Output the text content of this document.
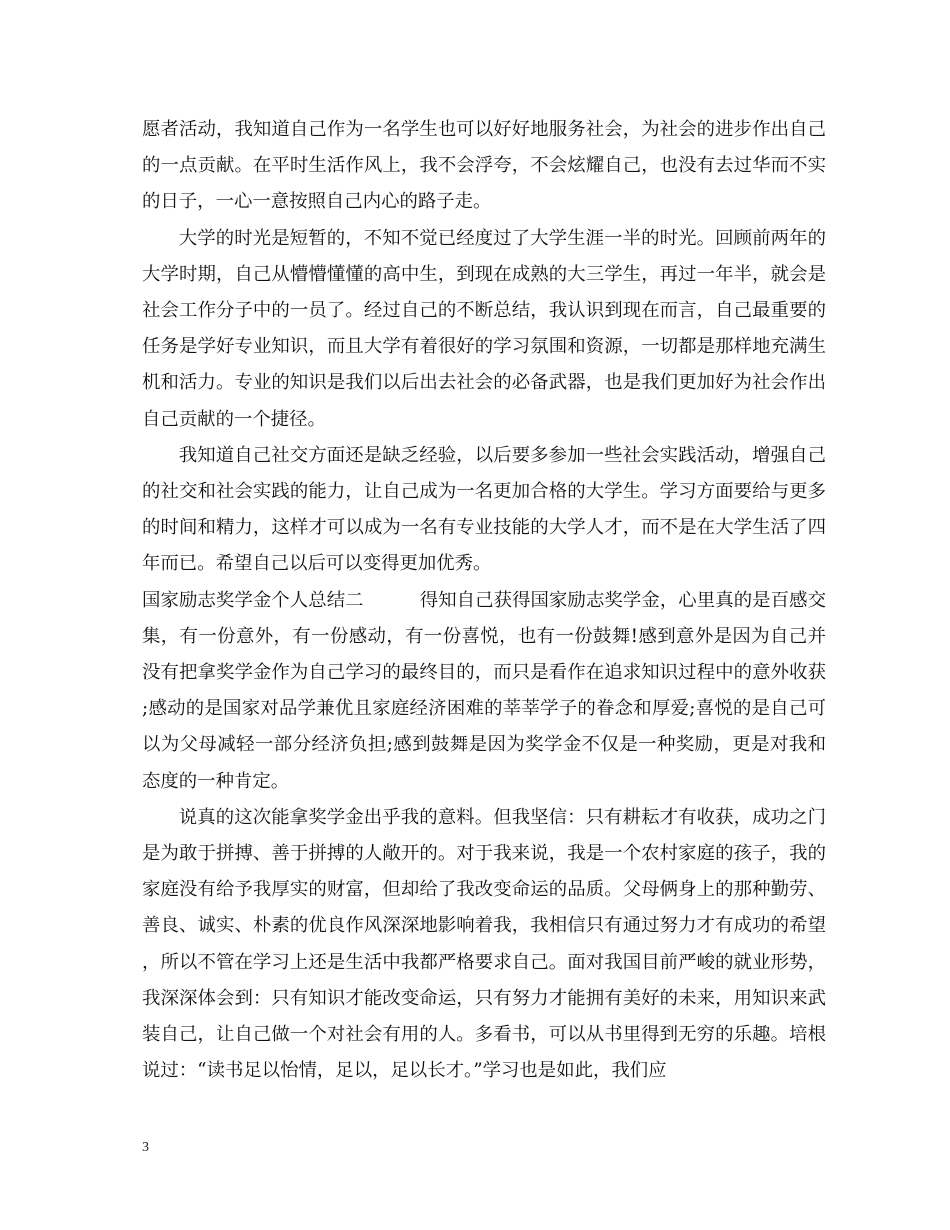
愿者活动，我知道自己作为一名学生也可以好好地服务社会，为社会的进步作出自己的一点贡献。在平时生活作风上，我不会浮夸，不会炫耀自己，也没有去过华而不实的日子，一心一意按照自己内心的路子走。

大学的时光是短暂的，不知不觉已经度过了大学生涯一半的时光。回顾前两年的大学时期，自己从懵懵懂懂的高中生，到现在成熟的大三学生，再过一年半，就会是社会工作分子中的一员了。经过自己的不断总结，我认识到现在而言，自己最重要的任务是学好专业知识，而且大学有着很好的学习氛围和资源，一切都是那样地充满生机和活力。专业的知识是我们以后出去社会的必备武器，也是我们更加好为社会作出自己贡献的一个捷径。

我知道自己社交方面还是缺乏经验，以后要多参加一些社会实践活动，增强自己的社交和社会实践的能力，让自己成为一名更加合格的大学生。学习方面要给与更多的时间和精力，这样才可以成为一名有专业技能的大学人才，而不是在大学生活了四年而已。希望自己以后可以变得更加优秀。

国家励志奖学金个人总结二	得知自己获得国家励志奖学金，心里真的是百感交集，有一份意外，有一份感动，有一份喜悦，也有一份鼓舞!感到意外是因为自己并没有把拿奖学金作为自己学习的最终目的，而只是看作在追求知识过程中的意外收获;感动的是国家对品学兼优且家庭经济困难的莘莘学子的眷念和厚爱;喜悦的是自己可以为父母减轻一部分经济负担;感到鼓舞是因为奖学金不仅是一种奖励，更是对我和态度的一种肯定。

说真的这次能拿奖学金出乎我的意料。但我坚信：只有耕耘才有收获，成功之门是为敢于拼搏、善于拼搏的人敞开的。对于我来说，我是一个农村家庭的孩子，我的家庭没有给予我厚实的财富，但却给了我改变命运的品质。父母俩身上的那种勤劳、善良、诚实、朴素的优良作风深深地影响着我，我相信只有通过努力才有成功的希望，所以不管在学习上还是生活中我都严格要求自己。面对我国目前严峻的就业形势，我深深体会到：只有知识才能改变命运，只有努力才能拥有美好的未来，用知识来武装自己，让自己做一个对社会有用的人。多看书，可以从书里得到无穷的乐趣。培根说过：“读书足以怡情，足以，足以长才。”学习也是如此，我们应

3
